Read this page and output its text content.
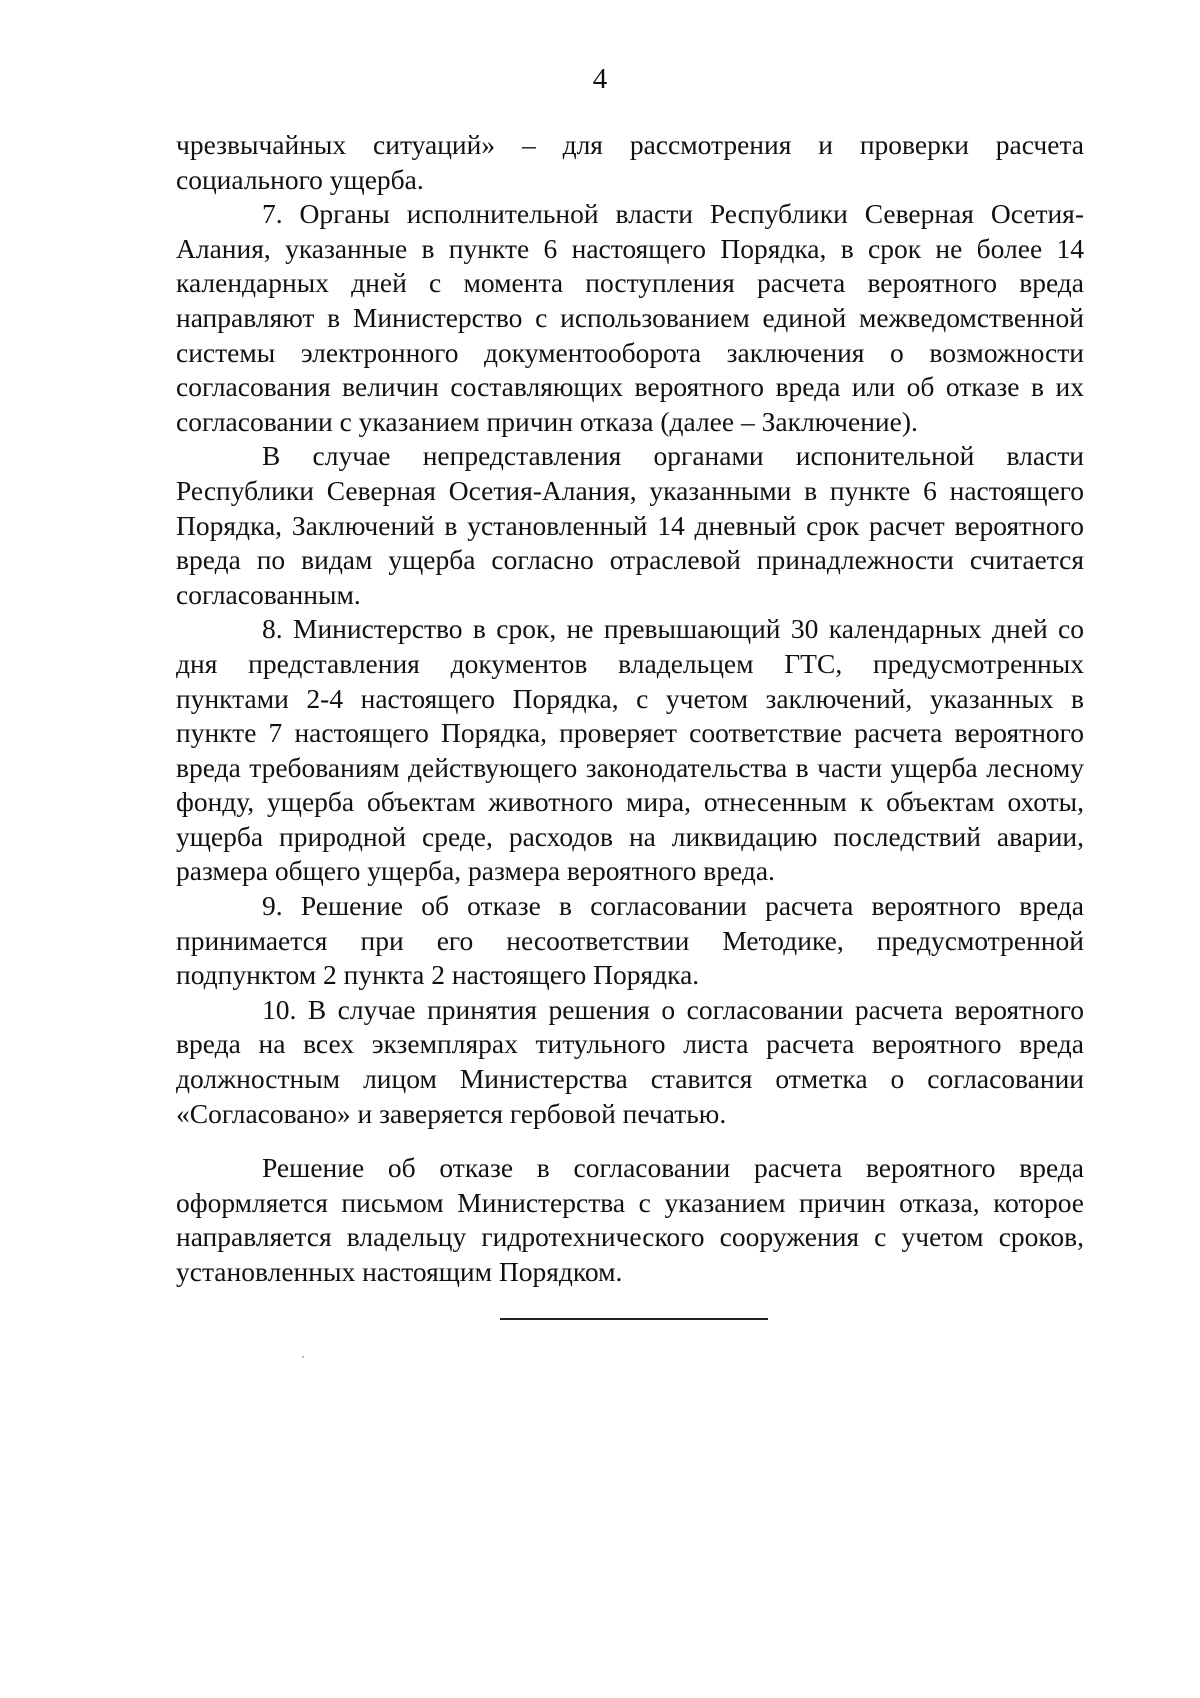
4

чрезвычайных ситуаций» – для рассмотрения и проверки расчета социального ущерба.

7. Органы исполнительной власти Республики Северная Осетия-Алания, указанные в пункте 6 настоящего Порядка, в срок не более 14 календарных дней с момента поступления расчета вероятного вреда направляют в Министерство с использованием единой межведомственной системы электронного документооборота заключения о возможности согласования величин составляющих вероятного вреда или об отказе в их согласовании с указанием причин отказа (далее – Заключение).

В случае непредставления органами испонительной власти Республики Северная Осетия-Алания, указанными в пункте 6 настоящего Порядка, Заключений в установленный 14 дневный срок расчет вероятного вреда по видам ущерба согласно отраслевой принадлежности считается согласованным.

8. Министерство в срок, не превышающий 30 календарных дней со дня представления документов владельцем ГТС, предусмотренных пунктами 2-4 настоящего Порядка, с учетом заключений, указанных в пункте 7 настоящего Порядка, проверяет соответствие расчета вероятного вреда требованиям действующего законодательства в части ущерба лесному фонду, ущерба объектам животного мира, отнесенным к объектам охоты, ущерба природной среде, расходов на ликвидацию последствий аварии, размера общего ущерба, размера вероятного вреда.

9. Решение об отказе в согласовании расчета вероятного вреда принимается при его несоответствии Методике, предусмотренной подпунктом 2 пункта 2 настоящего Порядка.

10. В случае принятия решения о согласовании расчета вероятного вреда на всех экземплярах титульного листа расчета вероятного вреда должностным лицом Министерства ставится отметка о согласовании «Согласовано» и заверяется гербовой печатью.

Решение об отказе в согласовании расчета вероятного вреда оформляется письмом Министерства с указанием причин отказа, которое направляется владельцу гидротехнического сооружения с учетом сроков, установленных настоящим Порядком.
